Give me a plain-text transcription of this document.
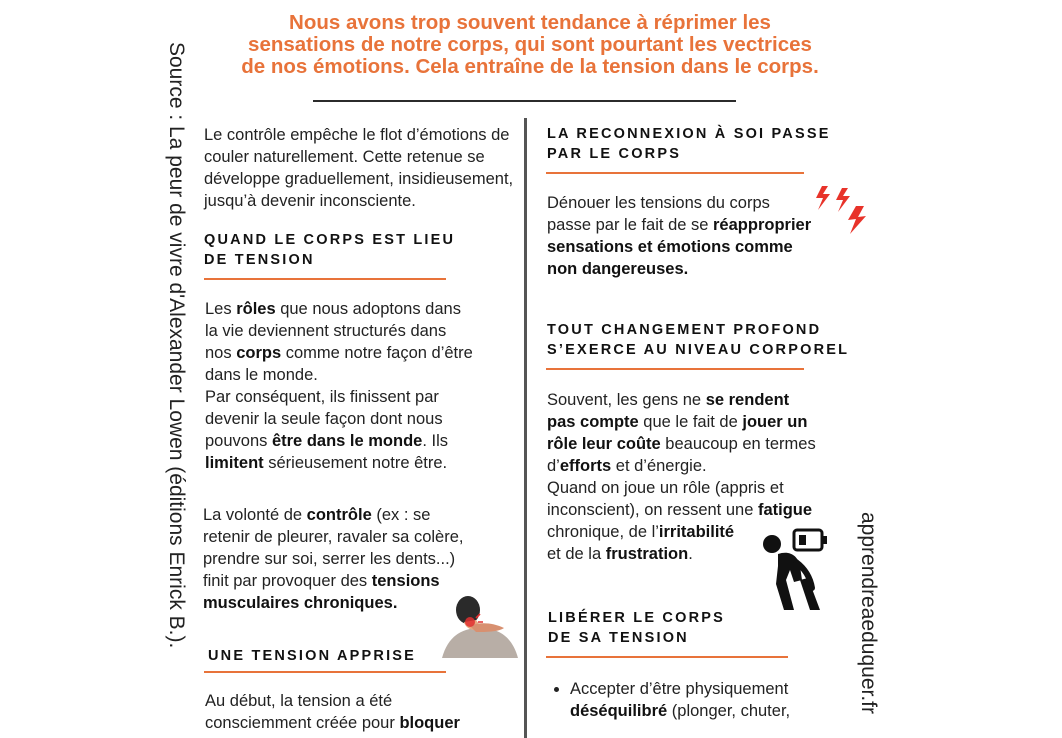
Nous avons trop souvent tendance à réprimer les
sensations de notre corps, qui sont pourtant les vectrices
de nos émotions. Cela entraîne de la tension dans le corps.
Source : La peur de vivre d'Alexander Lowen (éditions Enrick B.).	apprendreaeduquer.fr
Le contrôle empêche le flot d’émotions de
couler naturellement. Cette retenue se
développe graduellement, insidieusement,
jusqu’à devenir inconsciente.
QUAND LE CORPS EST LIEU
DE TENSION
Les rôles que nous adoptons dans
la vie deviennent structurés dans
nos corps comme notre façon d’être
dans le monde.
Par conséquent, ils finissent par
devenir la seule façon dont nous
pouvons être dans le monde. Ils
limitent sérieusement notre être.
La volonté de contrôle (ex : se
retenir de pleurer, ravaler sa colère,
prendre sur soi, serrer les dents...)
finit par provoquer des tensions
musculaires chroniques.
UNE TENSION APPRISE
Au début, la tension a été
consciemment créée pour bloquer
LA RECONNEXION À SOI PASSE
PAR LE CORPS
Dénouer les tensions du corps
passe par le fait de se réapproprier
sensations et émotions comme
non dangereuses.
TOUT CHANGEMENT PROFOND
S’EXERCE AU NIVEAU CORPOREL
Souvent, les gens ne se rendent
pas compte que le fait de jouer un
rôle leur coûte beaucoup en termes
d’efforts et d’énergie.
Quand on joue un rôle (appris et
inconscient), on ressent une fatigue
chronique, de l’irritabilité
et de la frustration.
LIBÉRER LE CORPS
DE SA TENSION
• Accepter d’être physiquement
déséquilibré (plonger, chuter,
